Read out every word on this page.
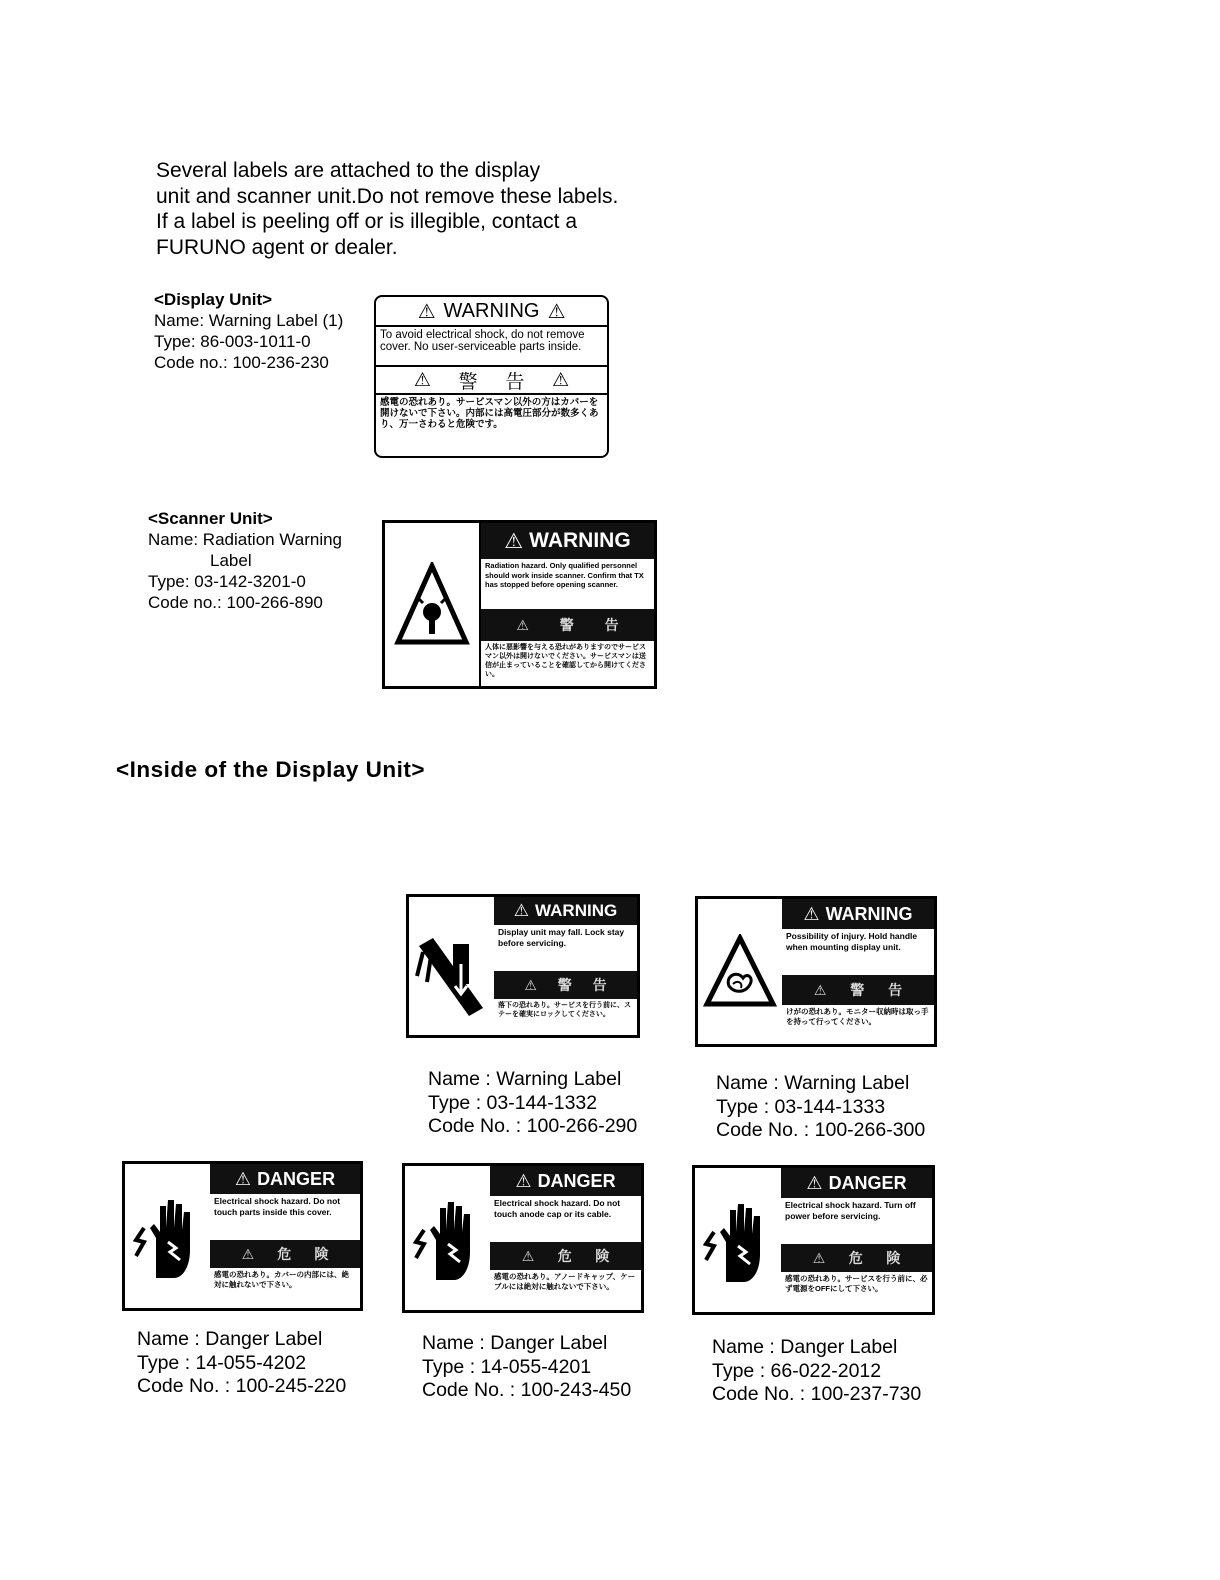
Several labels are attached to the display
unit and scanner unit.Do not remove these labels.
If a label is peeling off or is illegible, contact a
FURUNO agent or dealer.
<Display Unit>
Name: Warning Label (1)
Type: 86-003-1011-0
Code no.: 100-236-230
⚠ WARNING ⚠
To avoid electrical shock, do not remove cover. No user-serviceable parts inside.
⚠ 警 告 ⚠
感電の恐れあり。サービスマン以外の方はカバーを開けないで下さい。内部には高電圧部分が数多くあり、万一さわると危険です。
<Scanner Unit>
Name: Radiation Warning
Label
Type: 03-142-3201-0
Code no.: 100-266-890
⚠ WARNING
Radiation hazard. Only qualified personnel should work inside scanner. Confirm that TX has stopped before opening scanner.
⚠ 警 告
人体に悪影響を与える恐れがありますのでサービスマン以外は開けないでください。サービスマンは送信が止まっていることを確認してから開けてください。
<Inside of the Display Unit>
⚠ WARNING
Display unit may fall. Lock stay before servicing.
⚠ 警 告
落下の恐れあり。サービスを行う前に、ステーを確実にロックしてください。
Name : Warning Label
Type : 03-144-1332
Code No. : 100-266-290
⚠ WARNING
Possibility of injury. Hold handle when mounting display unit.
⚠ 警 告
けがの恐れあり。モニター収納時は取っ手を持って行ってください。
Name : Warning Label
Type : 03-144-1333
Code No. : 100-266-300
⚠ DANGER
Electrical shock hazard. Do not touch parts inside this cover.
⚠ 危 険
感電の恐れあり。カバーの内部には、絶対に触れないで下さい。
Name : Danger Label
Type : 14-055-4202
Code No. : 100-245-220
⚠ DANGER
Electrical shock hazard. Do not touch anode cap or its cable.
⚠ 危 険
感電の恐れあり。アノードキャップ、ケーブルには絶対に触れないで下さい。
Name : Danger Label
Type : 14-055-4201
Code No. : 100-243-450
⚠ DANGER
Electrical shock hazard. Turn off power before servicing.
⚠ 危 険
感電の恐れあり。サービスを行う前に、必ず電源をOFFにして下さい。
Name : Danger Label
Type : 66-022-2012
Code No. : 100-237-730
